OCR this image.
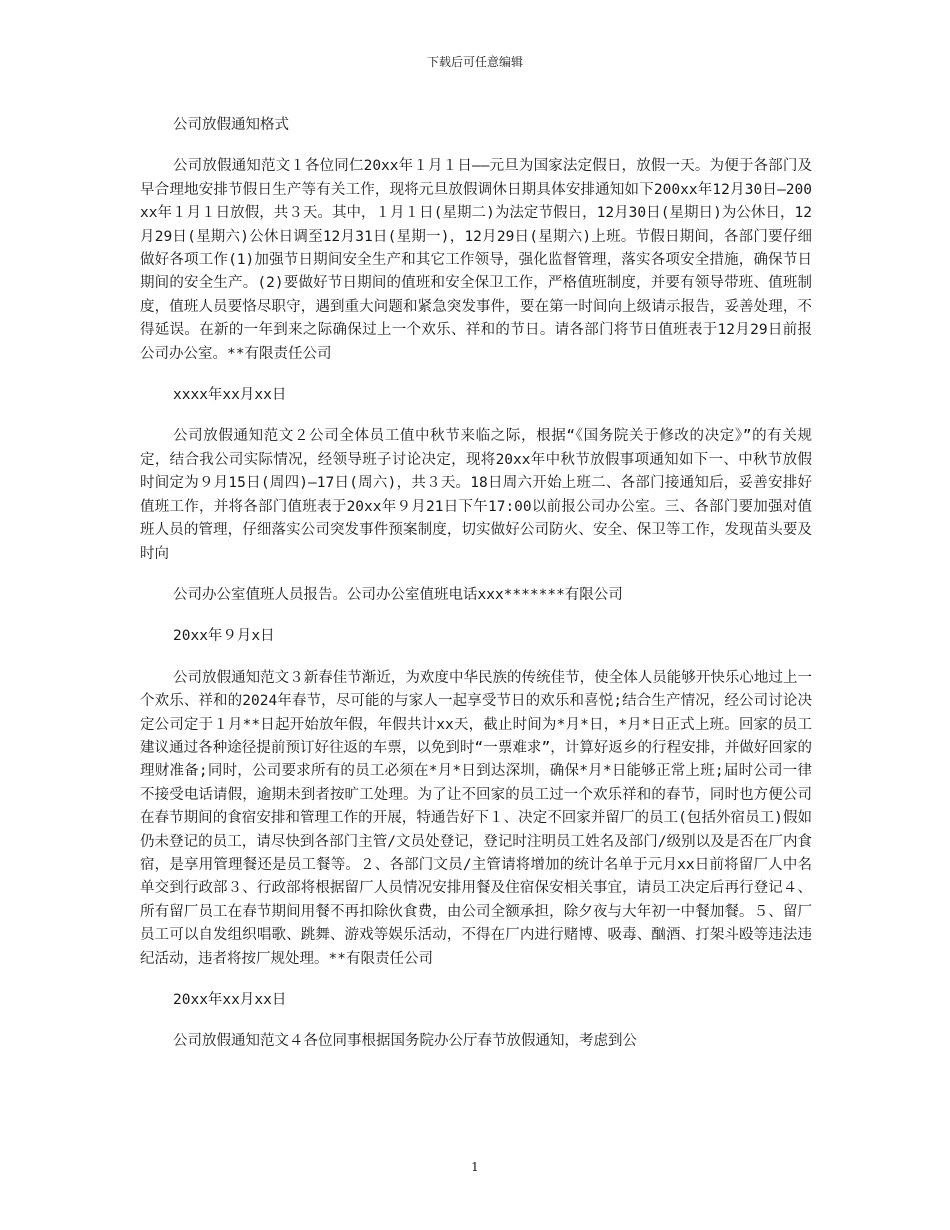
下载后可任意编辑

公司放假通知格式

公司放假通知范文１各位同仁20xx年１月１日——元旦为国家法定假日，放假一天。为便于各部门及早合理地安排节假日生产等有关工作，现将元旦放假调休日期具体安排通知如下200xx年12月30日—200xx年１月１日放假，共３天。其中，１月１日(星期二)为法定节假日，12月30日(星期日)为公休日，12月29日(星期六)公休日调至12月31日(星期一)，12月29日(星期六)上班。节假日期间，各部门要仔细做好各项工作(1)加强节日期间安全生产和其它工作领导，强化监督管理，落实各项安全措施，确保节日期间的安全生产。(2)要做好节日期间的值班和安全保卫工作，严格值班制度，并要有领导带班、值班制度，值班人员要恪尽职守，遇到重大问题和紧急突发事件，要在第一时间向上级请示报告，妥善处理，不得延误。在新的一年到来之际确保过上一个欢乐、祥和的节日。请各部门将节日值班表于12月29日前报公司办公室。**有限责任公司

xxxx年xx月xx日

公司放假通知范文２公司全体员工值中秋节来临之际，根据“《国务院关于修改的决定》”的有关规定，结合我公司实际情况，经领导班子讨论决定，现将20xx年中秋节放假事项通知如下一、中秋节放假时间定为９月15日(周四)—17日(周六)，共３天。18日周六开始上班二、各部门接通知后，妥善安排好值班工作，并将各部门值班表于20xx年９月21日下午17:00以前报公司办公室。三、各部门要加强对值班人员的管理，仔细落实公司突发事件预案制度，切实做好公司防火、安全、保卫等工作，发现苗头要及时向

公司办公室值班人员报告。公司办公室值班电话xxx*******有限公司

20xx年９月x日

公司放假通知范文３新春佳节渐近，为欢度中华民族的传统佳节，使全体人员能够开快乐心地过上一个欢乐、祥和的2024年春节，尽可能的与家人一起享受节日的欢乐和喜悦;结合生产情况，经公司讨论决定公司定于１月**日起开始放年假，年假共计xx天，截止时间为*月*日，*月*日正式上班。回家的员工建议通过各种途径提前预订好往返的车票，以免到时“一票难求”，计算好返乡的行程安排，并做好回家的理财准备;同时，公司要求所有的员工必须在*月*日到达深圳，确保*月*日能够正常上班;届时公司一律不接受电话请假，逾期未到者按旷工处理。为了让不回家的员工过一个欢乐祥和的春节，同时也方便公司在春节期间的食宿安排和管理工作的开展，特通告好下１、决定不回家并留厂的员工(包括外宿员工)假如仍未登记的员工，请尽快到各部门主管/文员处登记，登记时注明员工姓名及部门/级别以及是否在厂内食宿，是享用管理餐还是员工餐等。２、各部门文员/主管请将增加的统计名单于元月xx日前将留厂人中名单交到行政部３、行政部将根据留厂人员情况安排用餐及住宿保安相关事宜，请员工决定后再行登记４、所有留厂员工在春节期间用餐不再扣除伙食费，由公司全额承担，除夕夜与大年初一中餐加餐。５、留厂员工可以自发组织唱歌、跳舞、游戏等娱乐活动，不得在厂内进行赌博、吸毒、酗酒、打架斗殴等违法违纪活动，违者将按厂规处理。**有限责任公司

20xx年xx月xx日

公司放假通知范文４各位同事根据国务院办公厅春节放假通知，考虑到公

1
